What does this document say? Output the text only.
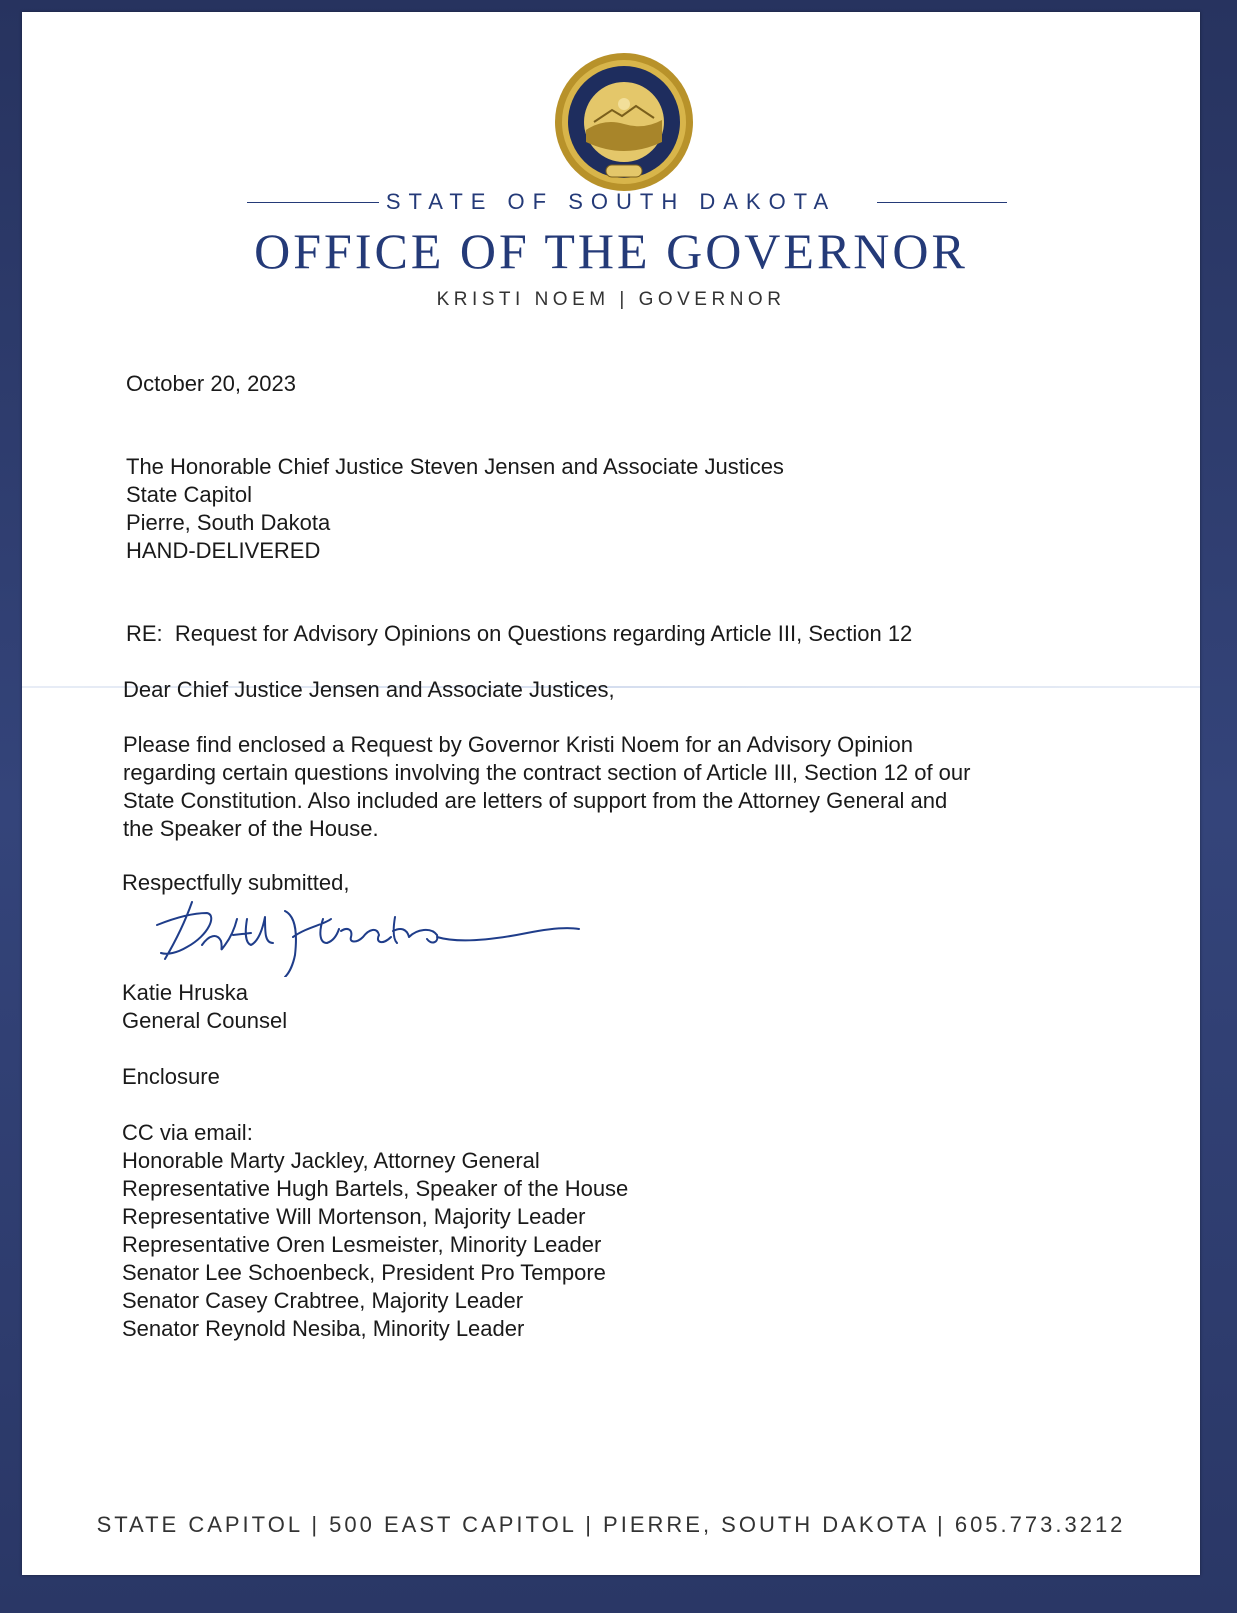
STATE OF SOUTH DAKOTA
OFFICE OF THE GOVERNOR
KRISTI NOEM | GOVERNOR
October 20, 2023
The Honorable Chief Justice Steven Jensen and Associate Justices
State Capitol
Pierre, South Dakota
HAND-DELIVERED
RE:  Request for Advisory Opinions on Questions regarding Article III, Section 12
Dear Chief Justice Jensen and Associate Justices,
Please find enclosed a Request by Governor Kristi Noem for an Advisory Opinion
regarding certain questions involving the contract section of Article III, Section 12 of our
State Constitution. Also included are letters of support from the Attorney General and
the Speaker of the House.
Respectfully submitted,
Katie Hruska
General Counsel
Enclosure
CC via email:
Honorable Marty Jackley, Attorney General
Representative Hugh Bartels, Speaker of the House
Representative Will Mortenson, Majority Leader
Representative Oren Lesmeister, Minority Leader
Senator Lee Schoenbeck, President Pro Tempore
Senator Casey Crabtree, Majority Leader
Senator Reynold Nesiba, Minority Leader
STATE CAPITOL | 500 EAST CAPITOL | PIERRE, SOUTH DAKOTA | 605.773.3212
